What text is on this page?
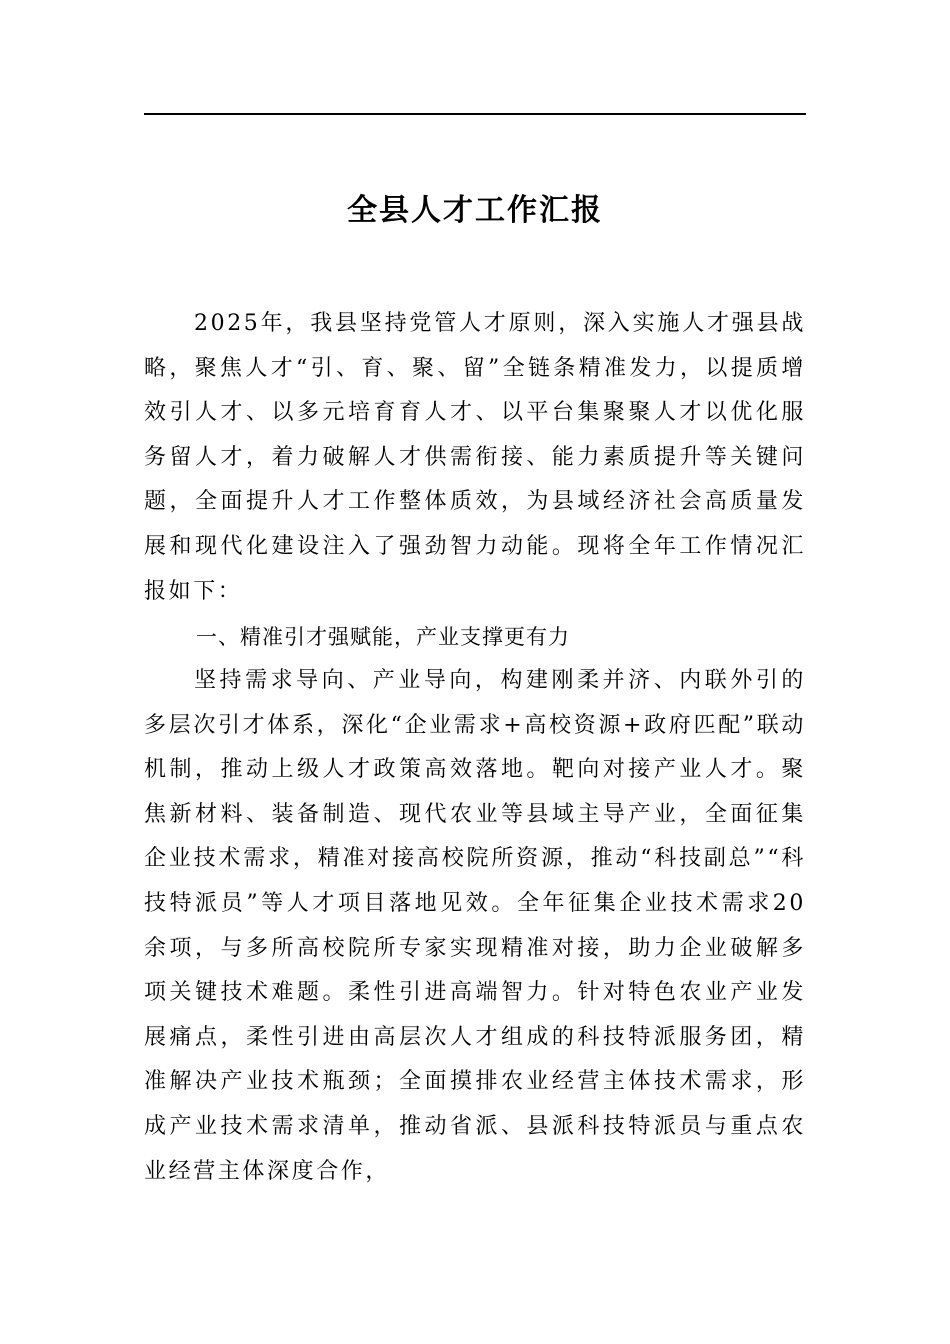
全县人才工作汇报

2025年，我县坚持党管人才原则，深入实施人才强县战略，聚焦人才“引、育、聚、留”全链条精准发力，以提质增效引人才、以多元培育育人才、以平台集聚聚人才以优化服务留人才，着力破解人才供需衔接、能力素质提升等关键问题，全面提升人才工作整体质效，为县域经济社会高质量发展和现代化建设注入了强劲智力动能。现将全年工作情况汇报如下：

一、精准引才强赋能，产业支撑更有力

坚持需求导向、产业导向，构建刚柔并济、内联外引的多层次引才体系，深化“企业需求+高校资源+政府匹配”联动机制，推动上级人才政策高效落地。靶向对接产业人才。聚焦新材料、装备制造、现代农业等县域主导产业，全面征集企业技术需求，精准对接高校院所资源，推动“科技副总”“科技特派员”等人才项目落地见效。全年征集企业技术需求20余项，与多所高校院所专家实现精准对接，助力企业破解多项关键技术难题。柔性引进高端智力。针对特色农业产业发展痛点，柔性引进由高层次人才组成的科技特派服务团，精准解决产业技术瓶颈；全面摸排农业经营主体技术需求，形成产业技术需求清单，推动省派、县派科技特派员与重点农业经营主体深度合作，
